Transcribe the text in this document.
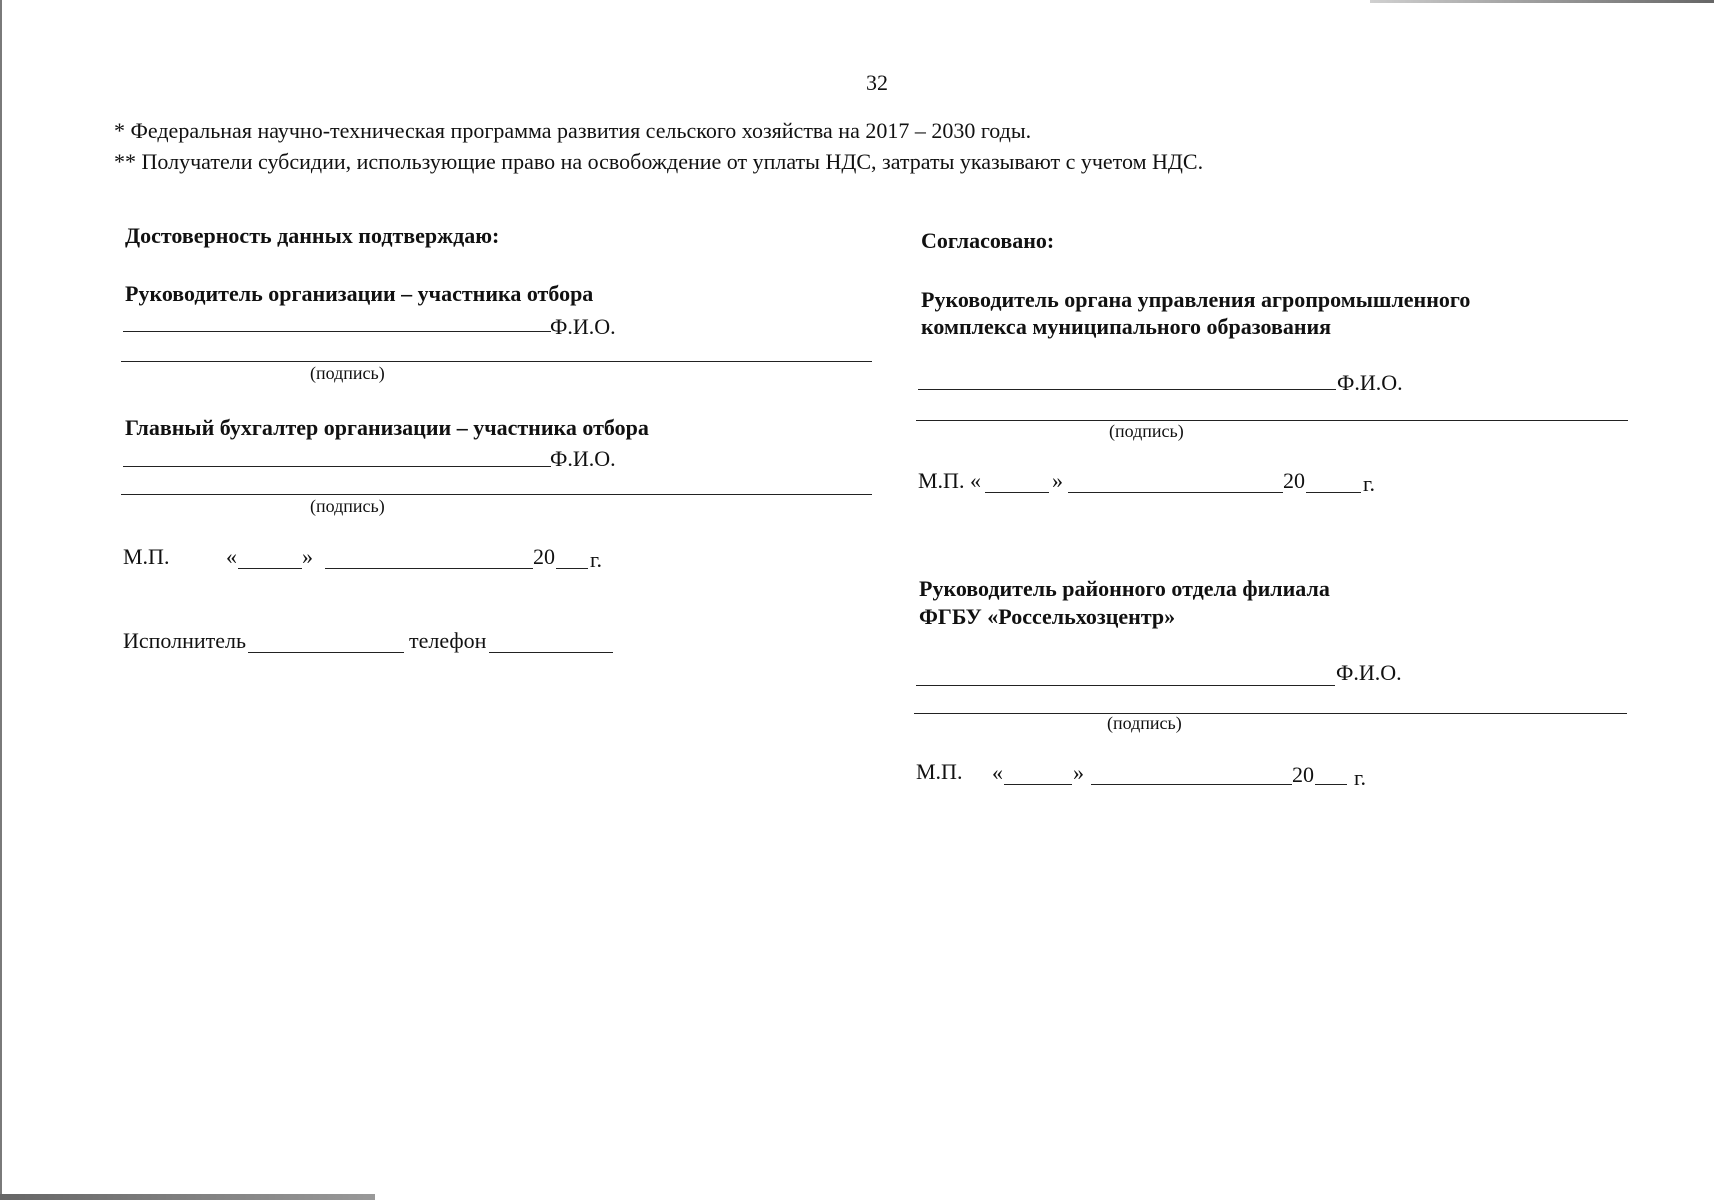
32
* Федеральная научно-техническая программа развития сельского хозяйства на 2017 – 2030 годы.
** Получатели субсидии, использующие право на освобождение от уплаты НДС, затраты указывают с учетом НДС.
Достоверность данных подтверждаю:
Руководитель организации – участника отбора
Ф.И.О.
(подпись)
Главный бухгалтер организации – участника отбора
Ф.И.О.
(подпись)
М.П.	«	»	20 г.
Исполнитель	телефон
Согласовано:
Руководитель органа управления агропромышленного
комплекса муниципального образования
Ф.И.О.
(подпись)
М.П. «	»	20	г.
Руководитель районного отдела филиала
ФГБУ «Россельхозцентр»
Ф.И.О.
(подпись)
М.П. «	»	20 г.
